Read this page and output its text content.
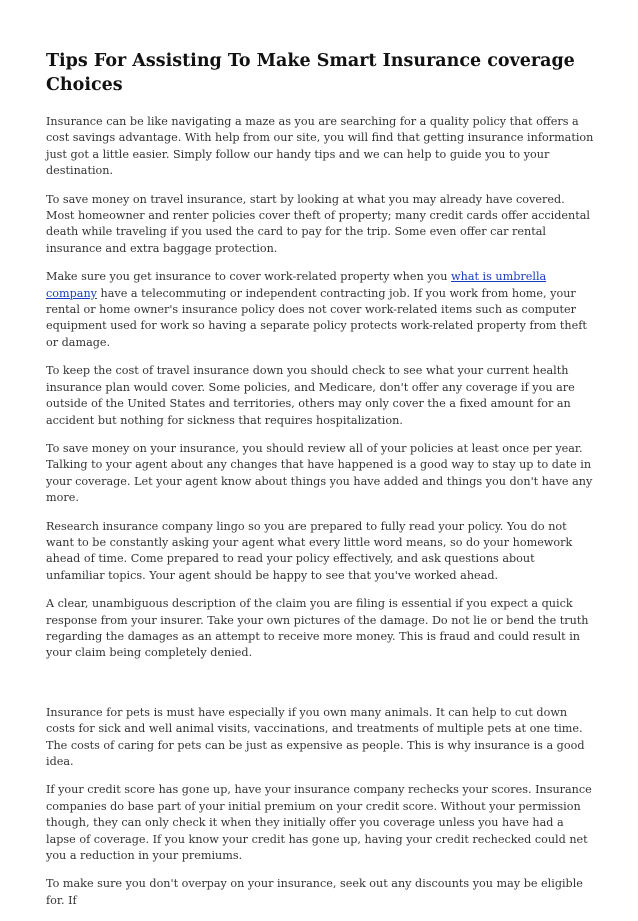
Tips For Assisting To Make Smart Insurance coverage Choices

Insurance can be like navigating a maze as you are searching for a quality policy that offers a cost savings advantage. With help from our site, you will find that getting insurance information just got a little easier. Simply follow our handy tips and we can help to guide you to your destination.

To save money on travel insurance, start by looking at what you may already have covered. Most homeowner and renter policies cover theft of property; many credit cards offer accidental death while traveling if you used the card to pay for the trip. Some even offer car rental insurance and extra baggage protection.

Make sure you get insurance to cover work-related property when you what is umbrella company have a telecommuting or independent contracting job. If you work from home, your rental or home owner's insurance policy does not cover work-related items such as computer equipment used for work so having a separate policy protects work-related property from theft or damage.

To keep the cost of travel insurance down you should check to see what your current health insurance plan would cover. Some policies, and Medicare, don't offer any coverage if you are outside of the United States and territories, others may only cover the a fixed amount for an accident but nothing for sickness that requires hospitalization.

To save money on your insurance, you should review all of your policies at least once per year. Talking to your agent about any changes that have happened is a good way to stay up to date in your coverage. Let your agent know about things you have added and things you don't have any more.

Research insurance company lingo so you are prepared to fully read your policy. You do not want to be constantly asking your agent what every little word means, so do your homework ahead of time. Come prepared to read your policy effectively, and ask questions about unfamiliar topics. Your agent should be happy to see that you've worked ahead.

A clear, unambiguous description of the claim you are filing is essential if you expect a quick response from your insurer. Take your own pictures of the damage. Do not lie or bend the truth regarding the damages as an attempt to receive more money. This is fraud and could result in your claim being completely denied.

Insurance for pets is must have especially if you own many animals. It can help to cut down costs for sick and well animal visits, vaccinations, and treatments of multiple pets at one time. The costs of caring for pets can be just as expensive as people. This is why insurance is a good idea.

If your credit score has gone up, have your insurance company rechecks your scores. Insurance companies do base part of your initial premium on your credit score. Without your permission though, they can only check it when they initially offer you coverage unless you have had a lapse of coverage. If you know your credit has gone up, having your credit rechecked could net you a reduction in your premiums.

To make sure you don't overpay on your insurance, seek out any discounts you may be eligible for. If
